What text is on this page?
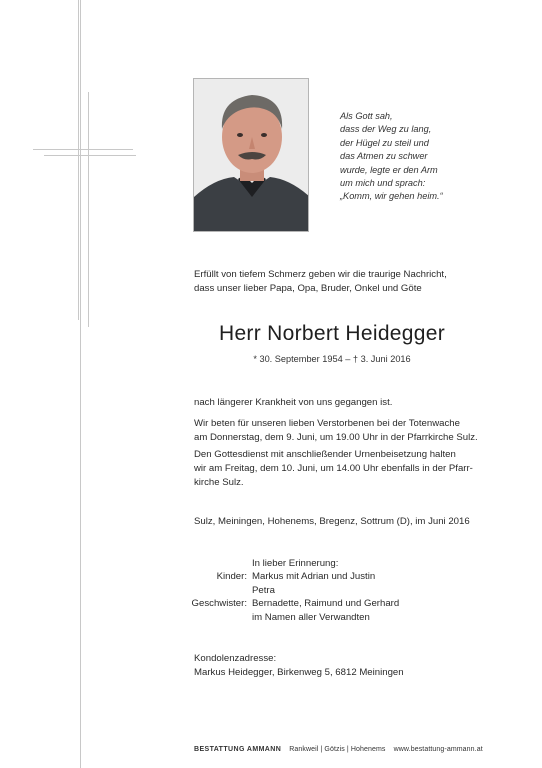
Als Gott sah,
dass der Weg zu lang,
der Hügel zu steil und
das Atmen zu schwer
wurde, legte er den Arm
um mich und sprach:
„Komm, wir gehen heim.“
Erfüllt von tiefem Schmerz geben wir die traurige Nachricht,
dass unser lieber Papa, Opa, Bruder, Onkel und Göte
Herr Norbert Heidegger
* 30. September 1954 – † 3. Juni 2016
nach längerer Krankheit von uns gegangen ist.
Wir beten für unseren lieben Verstorbenen bei der Totenwache
am Donnerstag, dem 9. Juni, um 19.00 Uhr in der Pfarrkirche Sulz.
Den Gottesdienst mit anschließender Urnenbeisetzung halten
wir am Freitag, dem 10. Juni, um 14.00 Uhr ebenfalls in der Pfarr-
kirche Sulz.
Sulz, Meiningen, Hohenems, Bregenz, Sottrum (D), im Juni 2016
In lieber Erinnerung:
Kinder: Markus mit Adrian und Justin
Petra
Geschwister: Bernadette, Raimund und Gerhard
im Namen aller Verwandten
Kondolenzadresse:
Markus Heidegger, Birkenweg 5, 6812 Meiningen
BESTATTUNG AMMANN Rankweil | Götzis | Hohenems www.bestattung-ammann.at
